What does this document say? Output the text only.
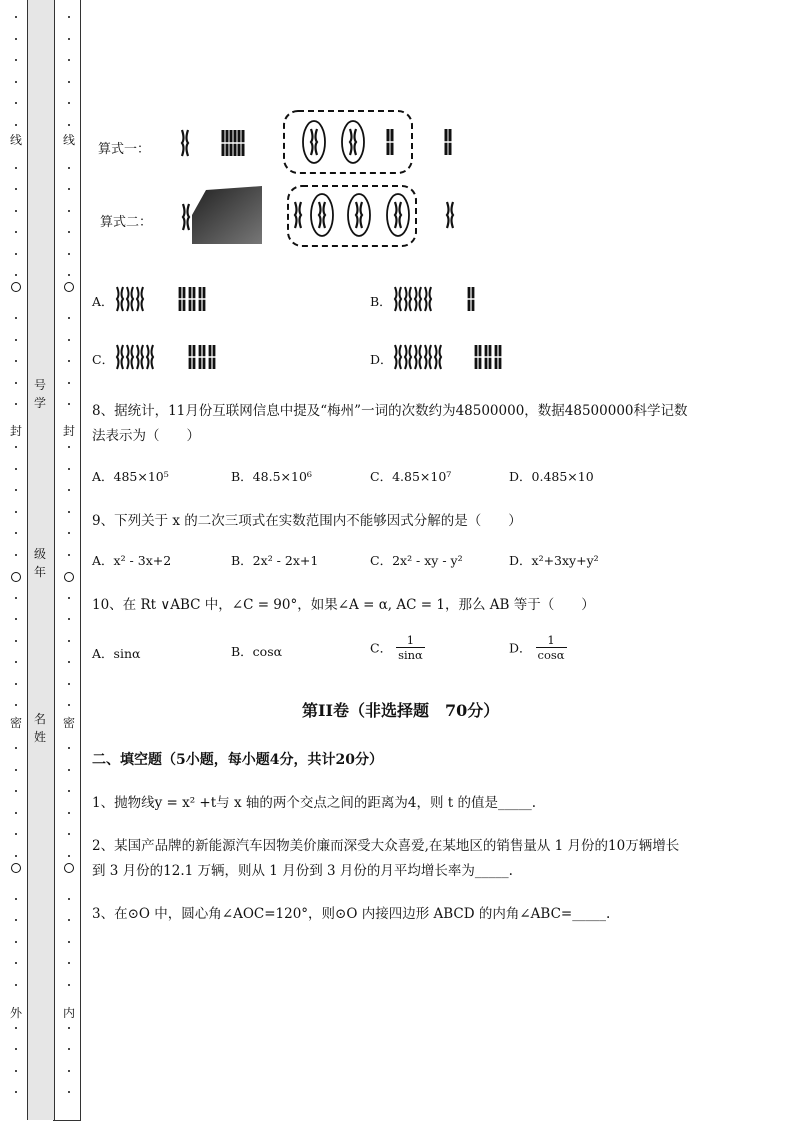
线
封
密
外
线
封
密
内
号学
级年
名姓
算式一：
算式二：
A．	B．
C．	D．
8、据统计，11月份互联网信息中提及“梅州”一词的次数约为48500000，数据48500000科学记数
法表示为（　　）
A．485×10⁵	B．48.5×10⁶	C．4.85×10⁷	D．0.485×10
9、下列关于 x 的二次三项式在实数范围内不能够因式分解的是（　　）
A．x² - 3x+2	B．2x² - 2x+1	C．2x² - xy - y²	D．x²+3xy+y²
10、在 Rt ∨ABC 中，∠C = 90°，如果∠A = α, AC = 1，那么 AB 等于（　　）
A．sinα	B．cosα	C． $\frac{1}{\sin\alpha}$	D． $\frac{1}{\cos\alpha}$
第II卷（非选择题　70分）
二、填空题（5小题，每小题4分，共计20分）
1、抛物线y = x² +t与 x 轴的两个交点之间的距离为4，则 t 的值是_____.
2、某国产品牌的新能源汽车因物美价廉而深受大众喜爱,在某地区的销售量从 1 月份的10万辆增长
到 3 月份的12.1 万辆，则从 1 月份到 3 月份的月平均增长率为_____.
3、在⊙O 中，圆心角∠AOC=120°，则⊙O 内接四边形 ABCD 的内角∠ABC=_____.
